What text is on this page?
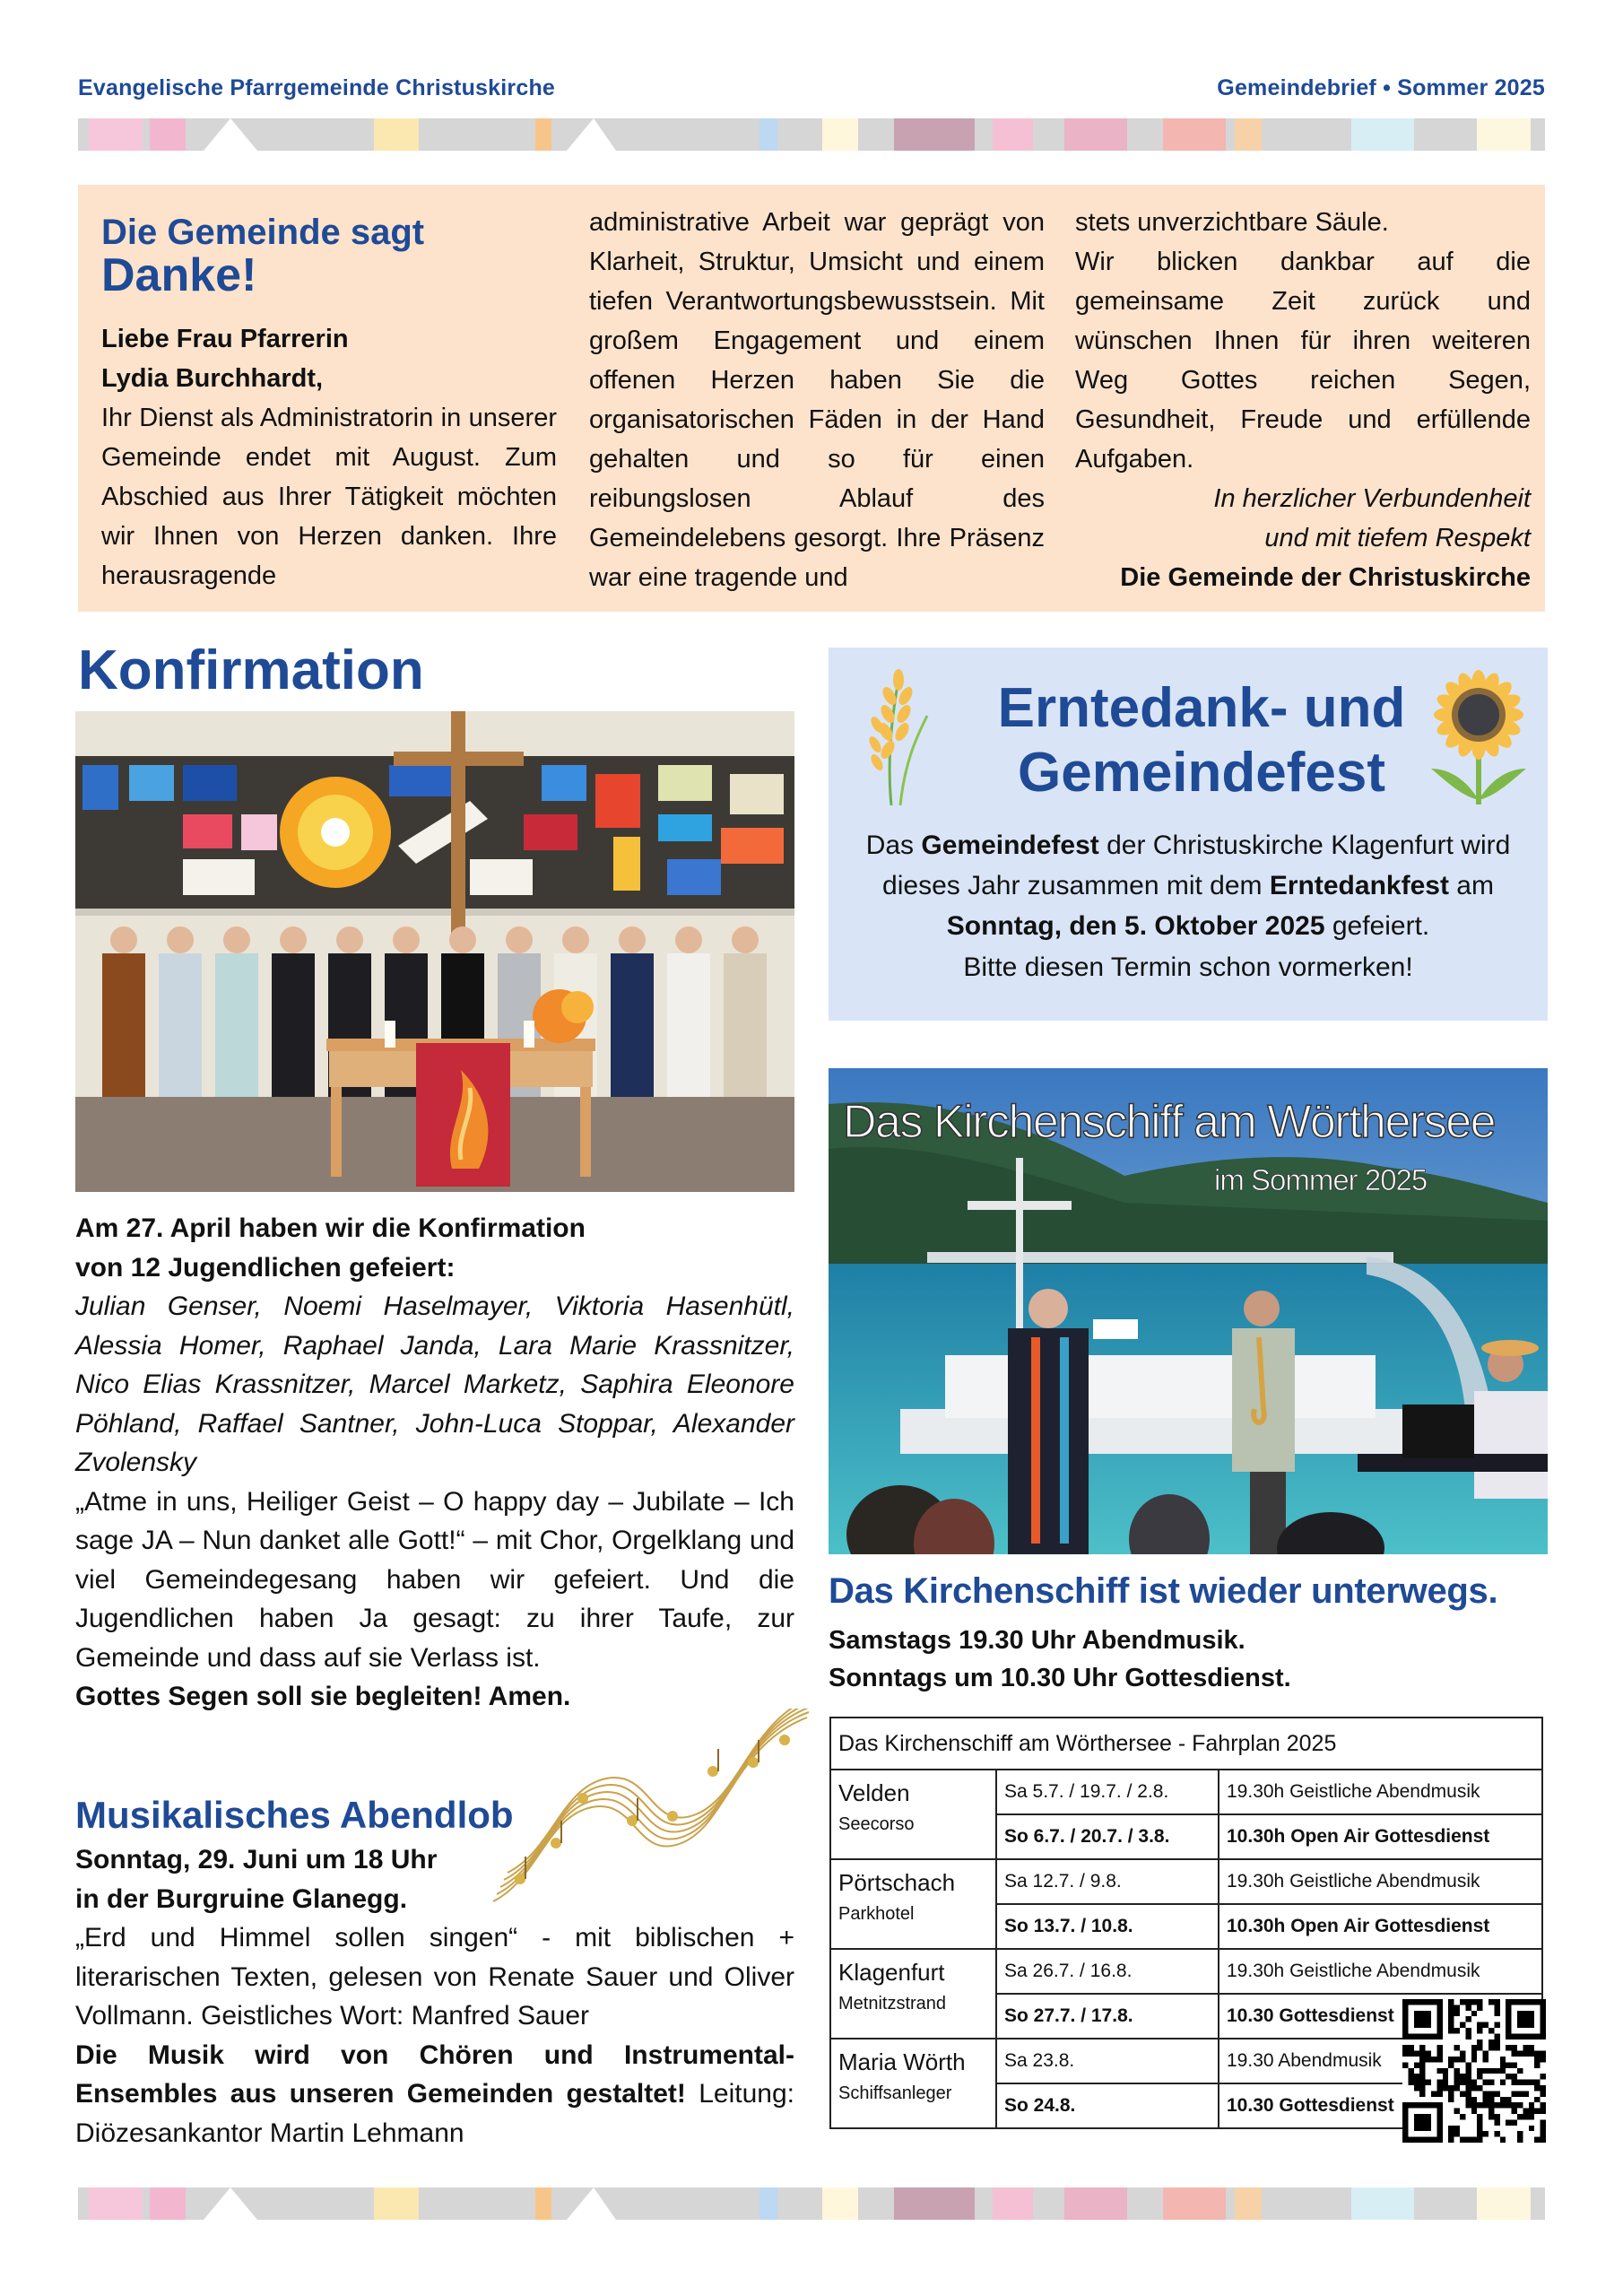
Evangelische Pfarrgemeinde Christuskirche	Gemeindebrief • Sommer 2025
Die Gemeinde sagt
Danke!
Liebe Frau Pfarrerin
Lydia Burchhardt,

Ihr Dienst als Administratorin in unserer Gemeinde endet mit August. Zum Abschied aus Ihrer Tätigkeit möchten wir Ihnen von Herzen danken. Ihre herausragende

administrative Arbeit war geprägt von Klarheit, Struktur, Umsicht und einem tiefen Verantwortungsbewusstsein. Mit großem Engagement und einem offenen Herzen haben Sie die organisatorischen Fäden in der Hand gehalten und so für einen reibungslosen Ablauf des Gemeindelebens gesorgt. Ihre Präsenz war eine tragende und

stets unverzichtbare Säule.

Wir blicken dankbar auf die gemeinsame Zeit zurück und wünschen Ihnen für ihren weiteren Weg Gottes reichen Segen, Gesundheit, Freude und erfüllende Aufgaben.

In herzlicher Verbundenheit

und mit tiefem Respekt

Die Gemeinde der Christuskirche

Konfirmation
Am 27. April haben wir die Konfirmation
von 12 Jugendlichen gefeiert:

Julian Genser, Noemi Haselmayer, Viktoria Hasenhütl, Alessia Homer, Raphael Janda, Lara Marie Krassnitzer, Nico Elias Krassnitzer, Marcel Marketz, Saphira Eleonore Pöhland, Raffael Santner, John-Luca Stoppar, Alexander Zvolensky

„Atme in uns, Heiliger Geist – O happy day – Jubilate – Ich sage JA – Nun danket alle Gott!“ – mit Chor, Orgelklang und viel Gemeindegesang haben wir gefeiert. Und die Jugendlichen haben Ja gesagt: zu ihrer Taufe, zur Gemeinde und dass auf sie Verlass ist.

Gottes Segen soll sie begleiten! Amen.
Musikalisches Abendlob
Sonntag, 29. Juni um 18 Uhr
in der Burgruine Glanegg.

„Erd und Himmel sollen singen“ - mit biblischen + literarischen Texten, gelesen von Renate Sauer und Oliver Vollmann. Geistliches Wort: Manfred Sauer

Die Musik wird von Chören und Instrumental-Ensembles aus unseren Gemeinden gestaltet! Leitung: Diözesankantor Martin Lehmann

Erntedank- und
Gemeindefest
Das Gemeindefest der Christuskirche Klagenfurt wird dieses Jahr zusammen mit dem Erntedankfest am Sonntag, den 5. Oktober 2025 gefeiert.
Bitte diesen Termin schon vormerken!
Das Kirchenschiff am Wörthersee
im Sommer 2025
Das Kirchenschiff ist wieder unterwegs.
Samstags 19.30 Uhr Abendmusik.
Sonntags um 10.30 Uhr Gottesdienst.
Das Kirchenschiff am Wörthersee - Fahrplan 2025		

Velden
Seecorso	Sa 5.7. / 19.7. / 2.8.	19.30h Geistliche Abendmusik
	So 6.7. / 20.7. / 3.8.	10.30h Open Air Gottesdienst

Pörtschach
Parkhotel	Sa 12.7. / 9.8.	19.30h Geistliche Abendmusik
	So 13.7. / 10.8.	10.30h Open Air Gottesdienst

Klagenfurt
Metnitzstrand	Sa 26.7. / 16.8.	19.30h Geistliche Abendmusik
	So 27.7. / 17.8.	10.30 Gottesdienst

Maria Wörth
Schiffsanleger	Sa 23.8.	19.30 Abendmusik
	So 24.8.	10.30 Gottesdienst
